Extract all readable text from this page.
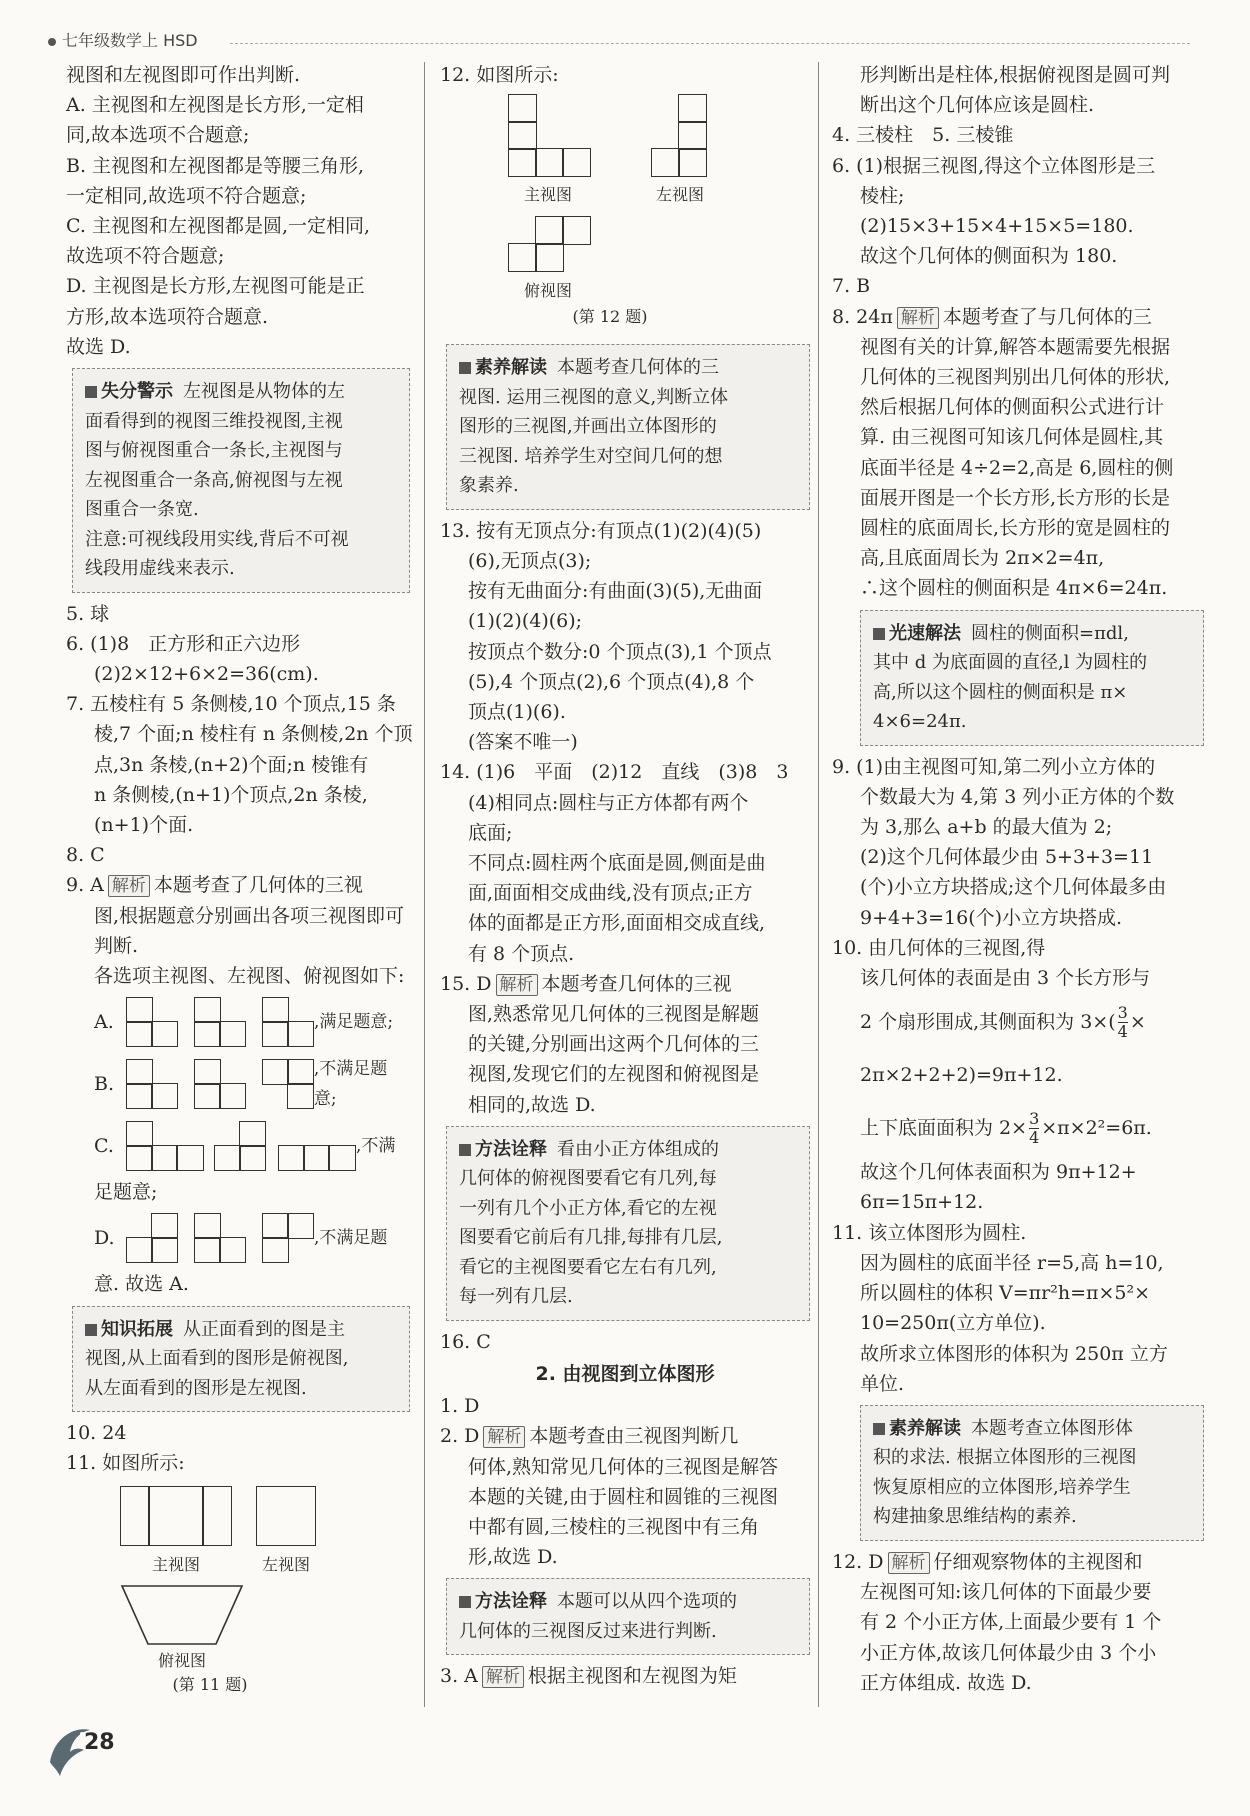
七年级数学上 HSD
视图和左视图即可作出判断.
A. 主视图和左视图是长方形,一定相
同,故本选项不合题意;
B. 主视图和左视图都是等腰三角形,
一定相同,故选项不符合题意;
C. 主视图和左视图都是圆,一定相同,
故选项不符合题意;
D. 主视图是长方形,左视图可能是正
方形,故本选项符合题意.
故选 D.
失分警示 左视图是从物体的左
面看得到的视图三维投视图,主视
图与俯视图重合一条长,主视图与
左视图重合一条高,俯视图与左视
图重合一条宽.
注意:可视线段用实线,背后不可视
线段用虚线来表示.
5. 球
6. (1)8　正方形和正六边形
(2)2×12+6×2=36(cm).
7. 五棱柱有 5 条侧棱,10 个顶点,15 条
棱,7 个面;n 棱柱有 n 条侧棱,2n 个顶
点,3n 条棱,(n+2)个面;n 棱锥有
n 条侧棱,(n+1)个顶点,2n 条棱,
(n+1)个面.
8. C
9. A 解析 本题考查了几何体的三视
图,根据题意分别画出各项三视图即可
判断.
各选项主视图、左视图、俯视图如下:
A.	,满足题意;
B.
,不满足题意;
C.	,不满
足题意;
D.	,不满足题
意. 故选 A.
知识拓展 从正面看到的图是主
视图,从上面看到的图形是俯视图,
从左面看到的图形是左视图.
10. 24
11. 如图所示:
主视图	左视图
俯视图
(第 11 题)
12. 如图所示:
主视图	左视图
俯视图
(第 12 题)
素养解读 本题考查几何体的三
视图. 运用三视图的意义,判断立体
图形的三视图,并画出立体图形的
三视图. 培养学生对空间几何的想
象素养.
13. 按有无顶点分:有顶点(1)(2)(4)(5)
(6),无顶点(3);
按有无曲面分:有曲面(3)(5),无曲面
(1)(2)(4)(6);
按顶点个数分:0 个顶点(3),1 个顶点
(5),4 个顶点(2),6 个顶点(4),8 个
顶点(1)(6).
(答案不唯一)
14. (1)6　平面　(2)12　直线　(3)8　3
(4)相同点:圆柱与正方体都有两个
底面;
不同点:圆柱两个底面是圆,侧面是曲
面,面面相交成曲线,没有顶点;正方
体的面都是正方形,面面相交成直线,
有 8 个顶点.
15. D 解析 本题考查几何体的三视
图,熟悉常见几何体的三视图是解题
的关键,分别画出这两个几何体的三
视图,发现它们的左视图和俯视图是
相同的,故选 D.
方法诠释 看由小正方体组成的
几何体的俯视图要看它有几列,每
一列有几个小正方体,看它的左视
图要看它前后有几排,每排有几层,
看它的主视图要看它左右有几列,
每一列有几层.
16. C
2. 由视图到立体图形
1. D
2. D 解析 本题考查由三视图判断几
何体,熟知常见几何体的三视图是解答
本题的关键,由于圆柱和圆锥的三视图
中都有圆,三棱柱的三视图中有三角
形,故选 D.
方法诠释 本题可以从四个选项的
几何体的三视图反过来进行判断.
3. A 解析 根据主视图和左视图为矩
形判断出是柱体,根据俯视图是圆可判
断出这个几何体应该是圆柱.
4. 三棱柱　5. 三棱锥
6. (1)根据三视图,得这个立体图形是三
棱柱;
(2)15×3+15×4+15×5=180.
故这个几何体的侧面积为 180.
7. B
8. 24π 解析 本题考查了与几何体的三
视图有关的计算,解答本题需要先根据
几何体的三视图判别出几何体的形状,
然后根据几何体的侧面积公式进行计
算. 由三视图可知该几何体是圆柱,其
底面半径是 4÷2=2,高是 6,圆柱的侧
面展开图是一个长方形,长方形的长是
圆柱的底面周长,长方形的宽是圆柱的
高,且底面周长为 2π×2=4π,
∴这个圆柱的侧面积是 4π×6=24π.
光速解法 圆柱的侧面积=πdl,
其中 d 为底面圆的直径,l 为圆柱的
高,所以这个圆柱的侧面积是 π×
4×6=24π.
9. (1)由主视图可知,第二列小立方体的
个数最大为 4,第 3 列小正方体的个数
为 3,那么 a+b 的最大值为 2;
(2)这个几何体最少由 5+3+3=11
(个)小立方块搭成;这个几何体最多由
9+4+3=16(个)小立方块搭成.
10. 由几何体的三视图,得
该几何体的表面是由 3 个长方形与
2 个扇形围成,其侧面积为 $3\times( \frac{3}{4}$ ×
2π×2+2+2)=9π+12.
上下底面面积为 $2\times \frac{3}{4} \times\pi\times 2^2=6\pi$.
故这个几何体表面积为 9π+12+
6π=15π+12.
11. 该立体图形为圆柱.
因为圆柱的底面半径 r=5,高 h=10,
所以圆柱的体积 V=πr²h=π×5²×
10=250π(立方单位).
故所求立体图形的体积为 250π 立方
单位.
素养解读 本题考查立体图形体
积的求法. 根据立体图形的三视图
恢复原相应的立体图形,培养学生
构建抽象思维结构的素养.
12. D 解析 仔细观察物体的主视图和
左视图可知:该几何体的下面最少要
有 2 个小正方体,上面最少要有 1 个
小正方体,故该几何体最少由 3 个小
正方体组成. 故选 D.
28
